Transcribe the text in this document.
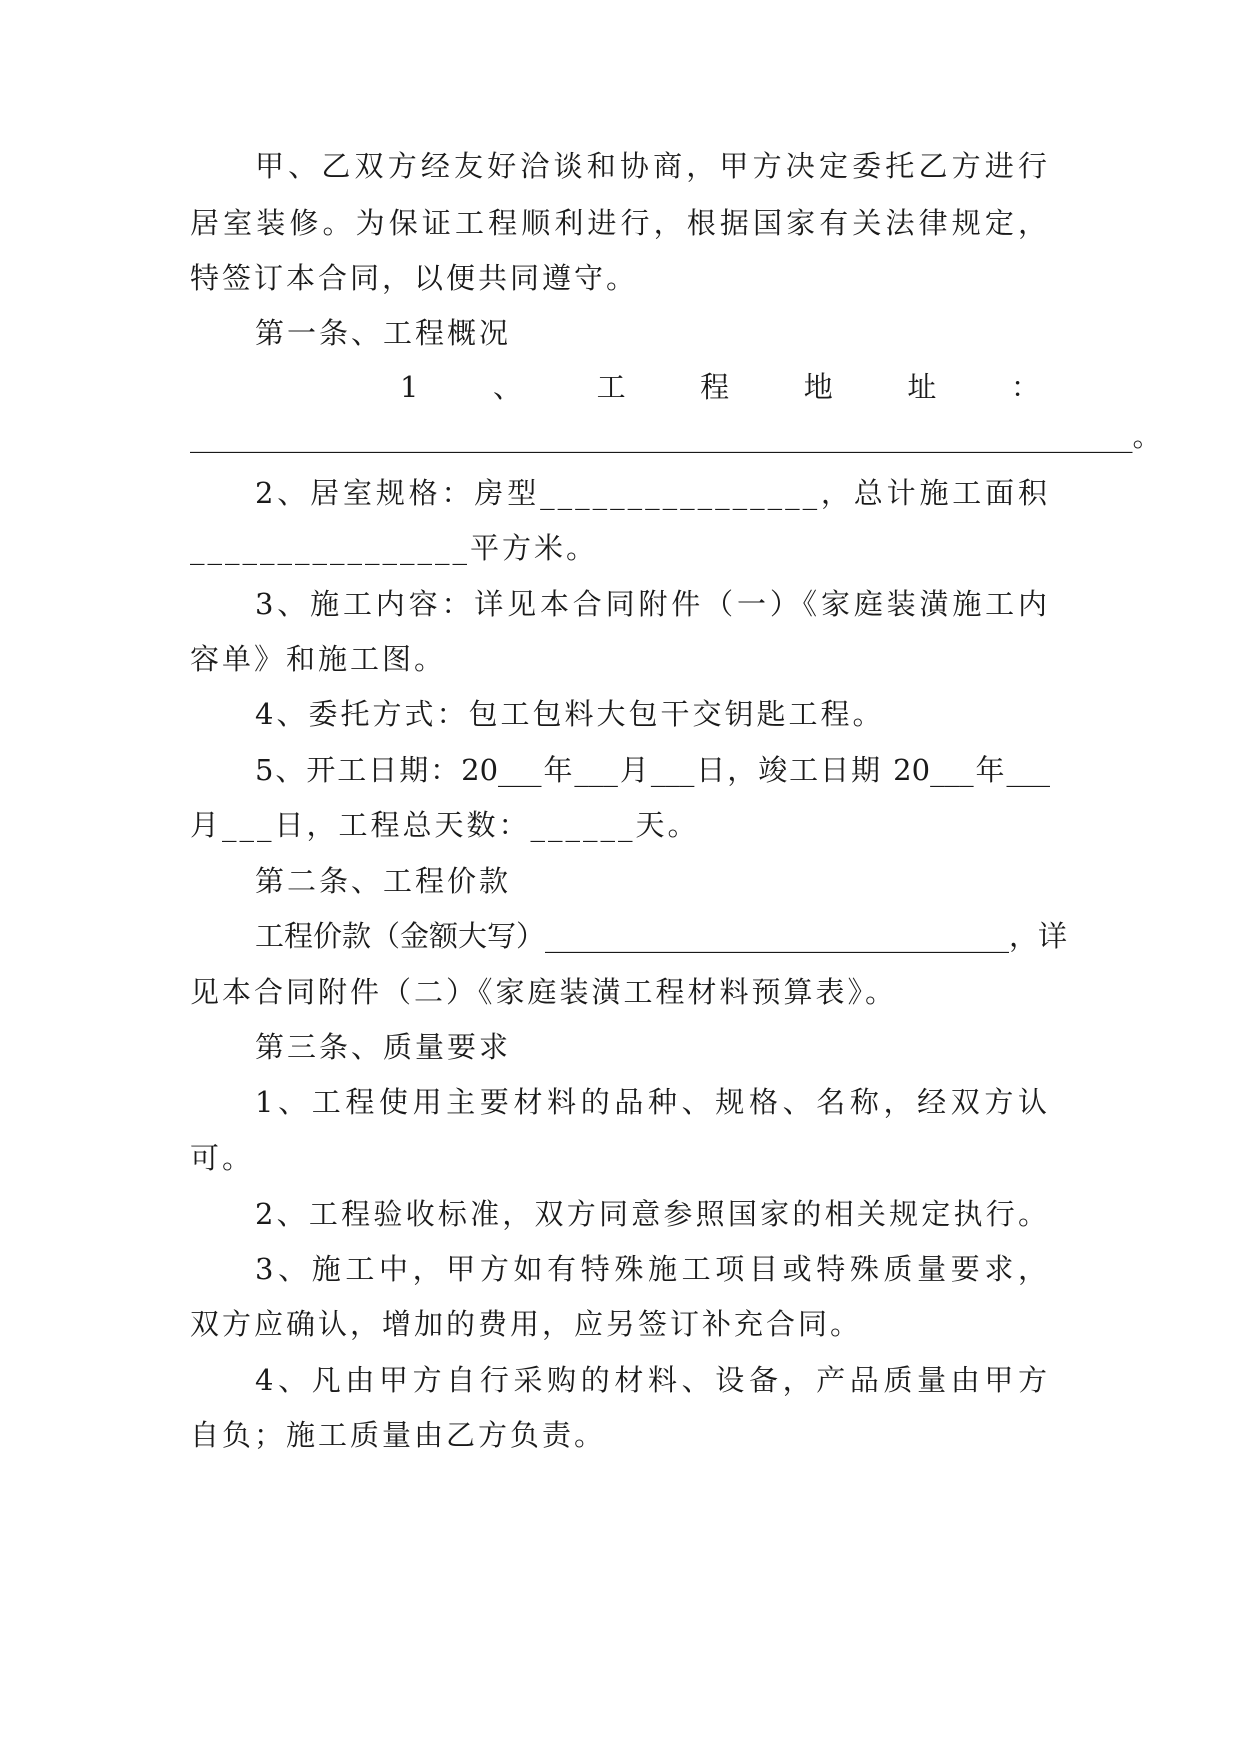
甲、乙双方经友好洽谈和协商，甲方决定委托乙方进行
居室装修。为保证工程顺利进行，根据国家有关法律规定，
特签订本合同，以便共同遵守。
第一条、工程概况
1	、	工	程	地	址	：
_________________________________________________________________。
2、居室规格：房型________________，总计施工面积
________________平方米。
3、施工内容：详见本合同附件（一）《家庭装潢施工内
容单》和施工图。
4、委托方式：包工包料大包干交钥匙工程。
5、开工日期：20___年___月___日，竣工日期 20___年___
月___日，工程总天数：______天。
第二条、工程价款
工程价款（金额大写）________________________________，详
见本合同附件（二）《家庭装潢工程材料预算表》。
第三条、质量要求
1、工程使用主要材料的品种、规格、名称，经双方认
可。
2、工程验收标准，双方同意参照国家的相关规定执行。
3、施工中，甲方如有特殊施工项目或特殊质量要求，
双方应确认，增加的费用，应另签订补充合同。
4、凡由甲方自行采购的材料、设备，产品质量由甲方
自负；施工质量由乙方负责。
